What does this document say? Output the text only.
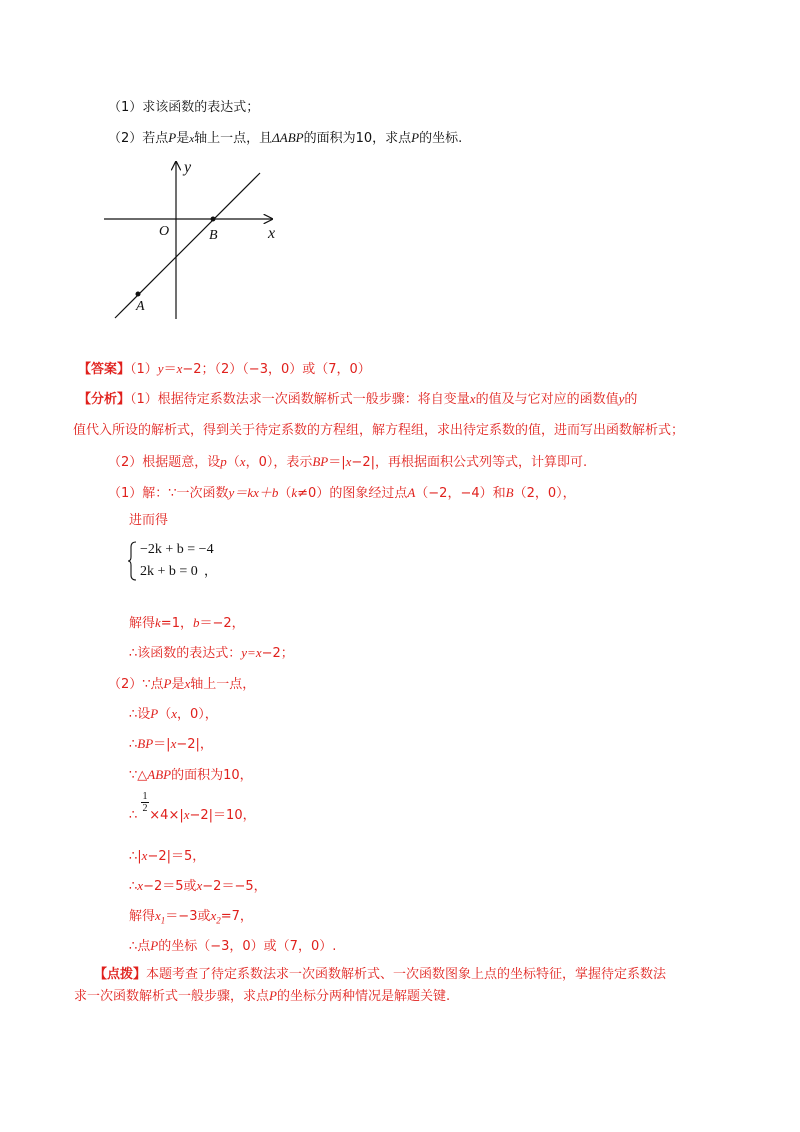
（1）求该函数的表达式；
（2）若点P是x轴上一点，且ΔABP的面积为10，求点P的坐标.
y
x
O	B
A
【答案】（1）y＝x−2；（2）（−3，0）或（7，0）
【分析】（1）根据待定系数法求一次函数解析式一般步骤：将自变量x的值及与它对应的函数值y的
值代入所设的解析式，得到关于待定系数的方程组，解方程组，求出待定系数的值，进而写出函数解析式；
（2）根据题意，设p（x，0），表示BP＝|x−2|，再根据面积公式列等式，计算即可.
（1）解：∵一次函数y＝kx＋b（k≠0）的图象经过点A（−2，−4）和B（2，0），
进而得
−2k + b = −4
2k + b = 0 ，
解得k=1，b＝−2，
∴该函数的表达式：y=x−2；
（2）∵点P是x轴上一点，
∴设P（x，0），
∴BP＝|x−2|，
∵△ABP的面积为10，
1
2
∴ ×4×|x−2|＝10，
∴|x−2|＝5，
∴x−2＝5或x−2＝−5，
解得$x_1=-3$或$x_2=7$，
∴点P的坐标（−3，0）或（7，0）.
【点拨】本题考查了待定系数法求一次函数解析式、一次函数图象上点的坐标特征，掌握待定系数法
求一次函数解析式一般步骤，求点P的坐标分两种情况是解题关键.
